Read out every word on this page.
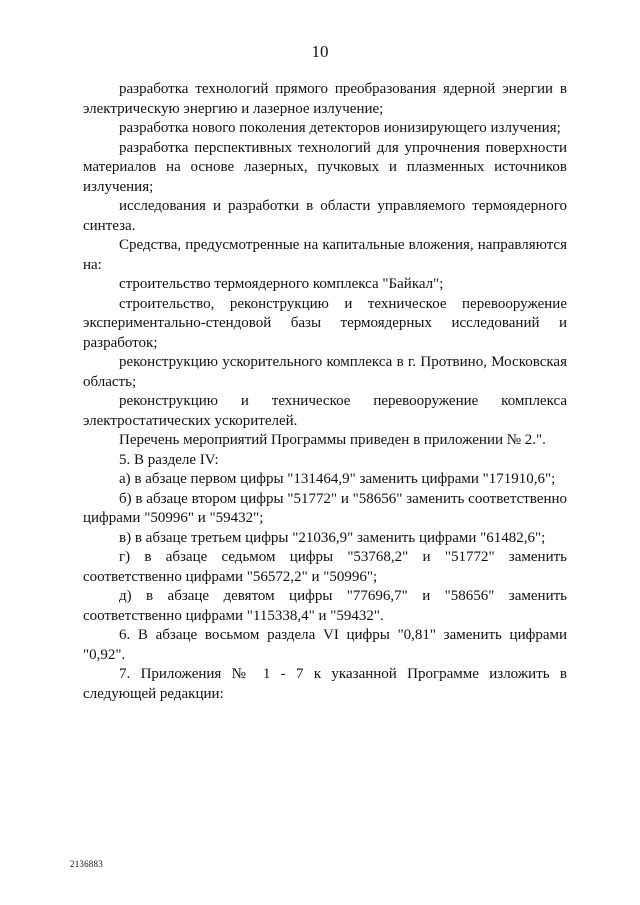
10

разработка технологий прямого преобразования ядерной энергии в электрическую энергию и лазерное излучение;

разработка нового поколения детекторов ионизирующего излучения;

разработка перспективных технологий для упрочнения поверхности материалов на основе лазерных, пучковых и плазменных источников излучения;

исследования и разработки в области управляемого термоядерного синтеза.

Средства, предусмотренные на капитальные вложения, направляются на:

строительство термоядерного комплекса "Байкал";

строительство, реконструкцию и техническое перевооружение экспериментально-стендовой базы термоядерных исследований и разработок;

реконструкцию ускорительного комплекса в г. Протвино, Московская область;

реконструкцию и техническое перевооружение комплекса электростатических ускорителей.

Перечень мероприятий Программы приведен в приложении № 2.".

5. В разделе IV:

а) в абзаце первом цифры "131464,9" заменить цифрами "171910,6";

б) в абзаце втором цифры "51772" и "58656" заменить соответственно цифрами "50996" и "59432";

в) в абзаце третьем цифры "21036,9" заменить цифрами "61482,6";

г) в абзаце седьмом цифры "53768,2" и "51772" заменить соответственно цифрами "56572,2" и "50996";

д) в абзаце девятом цифры "77696,7" и "58656" заменить соответственно цифрами "115338,4" и "59432".

6. В абзаце восьмом раздела VI цифры "0,81" заменить цифрами "0,92".

7. Приложения № 1 - 7 к указанной Программе изложить в следующей редакции:

2136883
